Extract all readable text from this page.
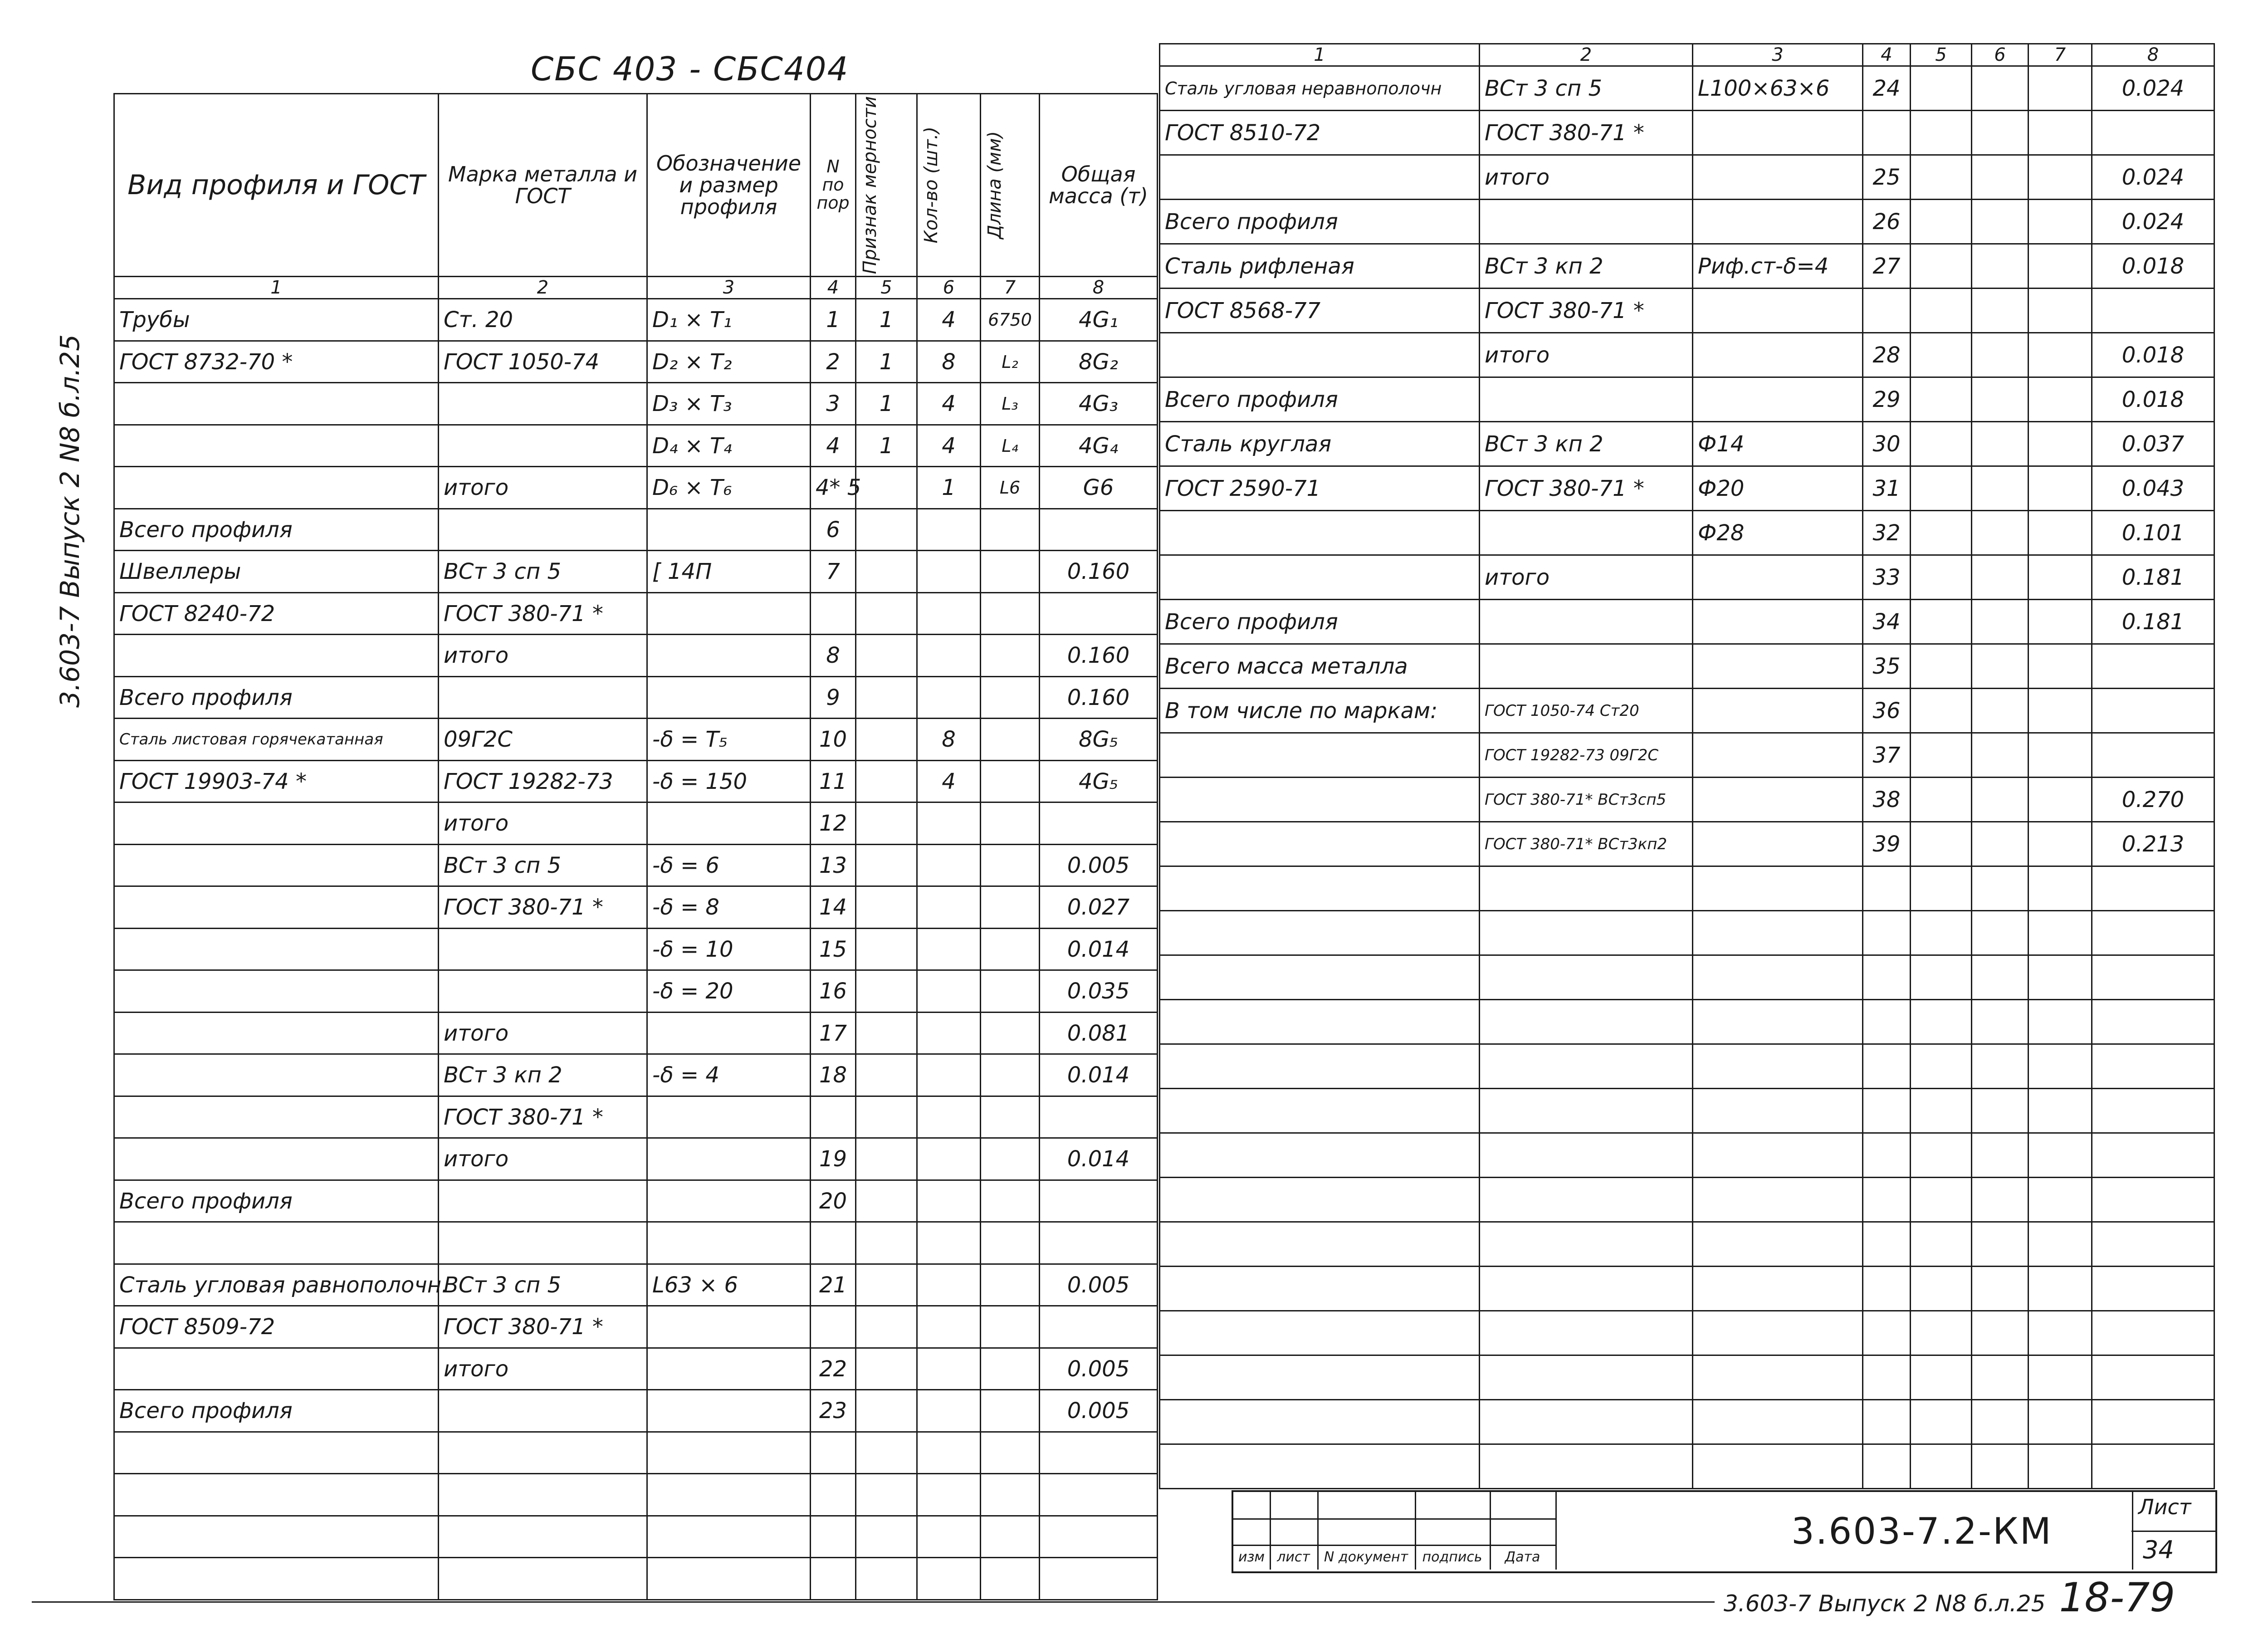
СБС 403 - СБС404
3.603-7 Выпуск 2 N8 б.л.25
Вид профиля и ГОСТ	Марка металла и ГОСТ	Обозначение и размер профиля	N по пор	Признак мерности	Кол-во (шт.)	Длина (мм)	Общая масса (т)
1	2	3	4	5	6	7	8
Трубы	Ст. 20	D₁ × T₁	1	1	4	6750	4G₁
ГОСТ 8732-70 *	ГОСТ 1050-74	D₂ × T₂	2	1	8	L₂	8G₂
		D₃ × T₃	3	1	4	L₃	4G₃
		D₄ × T₄	4	1	4	L₄	4G₄
	итого	D₆ × T₆	4* 5		1	L6	G6
Всего профиля			6				
Швеллеры	ВСт 3 сп 5	[ 14П	7				0.160
ГОСТ 8240-72	ГОСТ 380-71 *						
	итого		8				0.160
Всего профиля			9				0.160
Сталь листовая горячекатанная	09Г2С	-δ = T₅	10		8		8G₅
ГОСТ 19903-74 *	ГОСТ 19282-73	-δ = 150	11		4		4G₅
	итого		12				
	ВСт 3 сп 5	-δ = 6	13				0.005
	ГОСТ 380-71 *	-δ = 8	14				0.027
		-δ = 10	15				0.014
		-δ = 20	16				0.035
	итого		17				0.081
	ВСт 3 кп 2	-δ = 4	18				0.014
	ГОСТ 380-71 *						
	итого		19				0.014
Всего профиля			20				

Сталь угловая равнополочн.	ВСт 3 сп 5	L63 × 6	21				0.005
ГОСТ 8509-72	ГОСТ 380-71 *						
	итого		22				0.005
Всего профиля			23				0.005

1	2	3	4	5	6	7	8
Сталь угловая неравнополочн	ВСт 3 сп 5	L100×63×6	24				0.024
ГОСТ 8510-72	ГОСТ 380-71 *						
	итого		25				0.024
Всего профиля			26				0.024
Сталь рифленая	ВСт 3 кп 2	Риф.ст-δ=4	27				0.018
ГОСТ 8568-77	ГОСТ 380-71 *						
	итого		28				0.018
Всего профиля			29				0.018
Сталь круглая	ВСт 3 кп 2	Ф14	30				0.037
ГОСТ 2590-71	ГОСТ 380-71 *	Ф20	31				0.043
		Ф28	32				0.101
	итого		33				0.181
Всего профиля			34				0.181
Всего масса металла			35				
В том числе по маркам:	ГОСТ 1050-74 Ст20		36				
	ГОСТ 19282-73 09Г2С		37				
	ГОСТ 380-71* ВСт3сп5		38				0.270
	ГОСТ 380-71* ВСт3кп2		39				0.213

изм лист	N документ	подпись	Дата
3.603-7.2-КМ
Лист
34
3.603-7 Выпуск 2 N8 б.л.25 18-79
